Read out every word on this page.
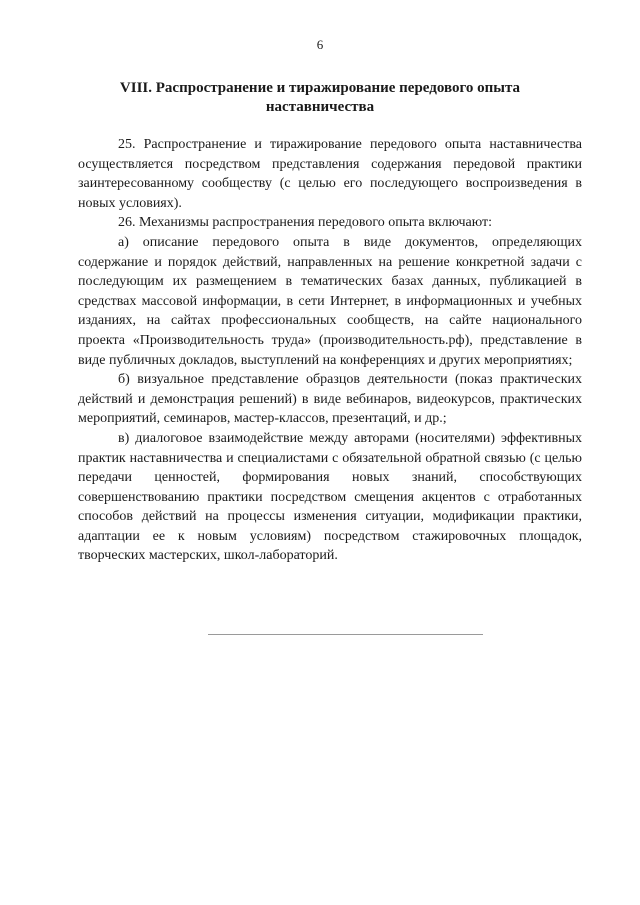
6
VIII. Распространение и тиражирование передового опыта
наставничества

25. Распространение и тиражирование передового опыта наставничества осуществляется посредством представления содержания передовой практики заинтересованному сообществу (с целью его последующего воспроизведения в новых условиях).

26. Механизмы распространения передового опыта включают:

а) описание передового опыта в виде документов, определяющих содержание и порядок действий, направленных на решение конкретной задачи с последующим их размещением в тематических базах данных, публикацией в средствах массовой информации, в сети Интернет, в информационных и учебных изданиях, на сайтах профессиональных сообществ, на сайте национального проекта «Производительность труда» (производительность.рф), представление в виде публичных докладов, выступлений на конференциях и других мероприятиях;

б) визуальное представление образцов деятельности (показ практических действий и демонстрация решений) в виде вебинаров, видеокурсов, практических мероприятий, семинаров, мастер-классов, презентаций, и др.;

в) диалоговое взаимодействие между авторами (носителями) эффективных практик наставничества и специалистами с обязательной обратной связью (с целью передачи ценностей, формирования новых знаний, способствующих совершенствованию практики посредством смещения акцентов с отработанных способов действий на процессы изменения ситуации, модификации практики, адаптации ее к новым условиям) посредством стажировочных площадок, творческих мастерских, школ-лабораторий.
